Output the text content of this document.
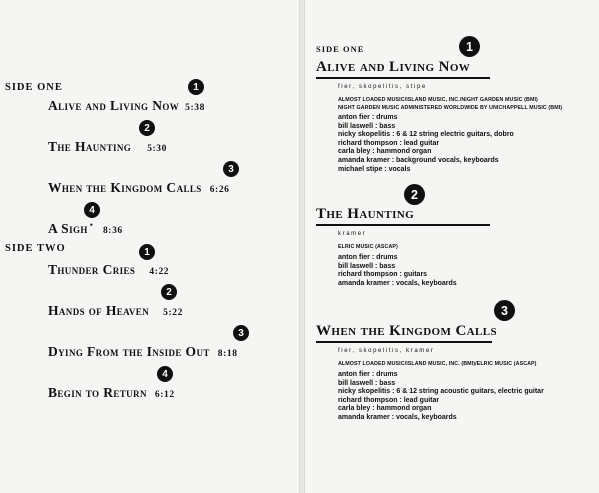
SIDE ONE	1
Alive and Living Now 5:38
2
The Haunting 5:30
3
When the Kingdom Calls 6:26
4
A Sigh •8:36
SIDE TWO	1
Thunder Cries 4:22
2
Hands of Heaven 5:22
3
Dying From the Inside Out 8:18
4
Begin to Return 6:12
SIDE ONE	1
Alive and Living Now
fier, skopelitis, stipe
ALMOST LOADED MUSIC/ISLAND MUSIC, INC./NIGHT GARDEN MUSIC (BMI)
NIGHT GARDEN MUSIC ADMINISTERED WORLDWIDE BY UNICHAPPELL MUSIC (BMI)
anton fier : drums
bill laswell : bass
nicky skopelitis : 6 & 12 string electric guitars, dobro
richard thompson : lead guitar
carla bley : hammond organ
amanda kramer : background vocals, keyboards
michael stipe : vocals
2
The Haunting
kramer
ELRIC MUSIC (ASCAP)
anton fier : drums
bill laswell : bass
richard thompson : guitars
amanda kramer : vocals, keyboards
3
When the Kingdom Calls
fier, skopelitis, kramer
ALMOST LOADED MUSIC/ISLAND MUSIC, INC. (BMI)/ELRIC MUSIC (ASCAP)
anton fier : drums
bill laswell : bass
nicky skopelitis : 6 & 12 string acoustic guitars, electric guitar
richard thompson : lead guitar
carla bley : hammond organ
amanda kramer : vocals, keyboards
